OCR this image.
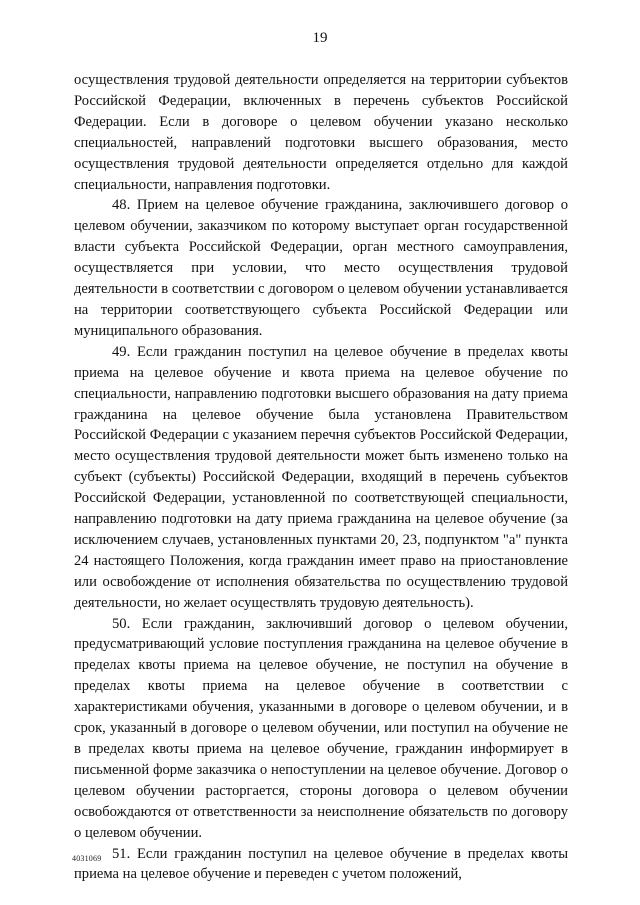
19

осуществления трудовой деятельности определяется на территории субъектов Российской Федерации, включенных в перечень субъектов Российской Федерации. Если в договоре о целевом обучении указано несколько специальностей, направлений подготовки высшего образования, место осуществления трудовой деятельности определяется отдельно для каждой специальности, направления подготовки.

48. Прием на целевое обучение гражданина, заключившего договор о целевом обучении, заказчиком по которому выступает орган государственной власти субъекта Российской Федерации, орган местного самоуправления, осуществляется при условии, что место осуществления трудовой деятельности в соответствии с договором о целевом обучении устанавливается на территории соответствующего субъекта Российской Федерации или муниципального образования.

49. Если гражданин поступил на целевое обучение в пределах квоты приема на целевое обучение и квота приема на целевое обучение по специальности, направлению подготовки высшего образования на дату приема гражданина на целевое обучение была установлена Правительством Российской Федерации с указанием перечня субъектов Российской Федерации, место осуществления трудовой деятельности может быть изменено только на субъект (субъекты) Российской Федерации, входящий в перечень субъектов Российской Федерации, установленной по соответствующей специальности, направлению подготовки на дату приема гражданина на целевое обучение (за исключением случаев, установленных пунктами 20, 23, подпунктом "а" пункта 24 настоящего Положения, когда гражданин имеет право на приостановление или освобождение от исполнения обязательства по осуществлению трудовой деятельности, но желает осуществлять трудовую деятельность).

50. Если гражданин, заключивший договор о целевом обучении, предусматривающий условие поступления гражданина на целевое обучение в пределах квоты приема на целевое обучение, не поступил на обучение в пределах квоты приема на целевое обучение в соответствии с характеристиками обучения, указанными в договоре о целевом обучении, и в срок, указанный в договоре о целевом обучении, или поступил на обучение не в пределах квоты приема на целевое обучение, гражданин информирует в письменной форме заказчика о непоступлении на целевое обучение. Договор о целевом обучении расторгается, стороны договора о целевом обучении освобождаются от ответственности за неисполнение обязательств по договору о целевом обучении.

51. Если гражданин поступил на целевое обучение в пределах квоты приема на целевое обучение и переведен с учетом положений,

4031069
